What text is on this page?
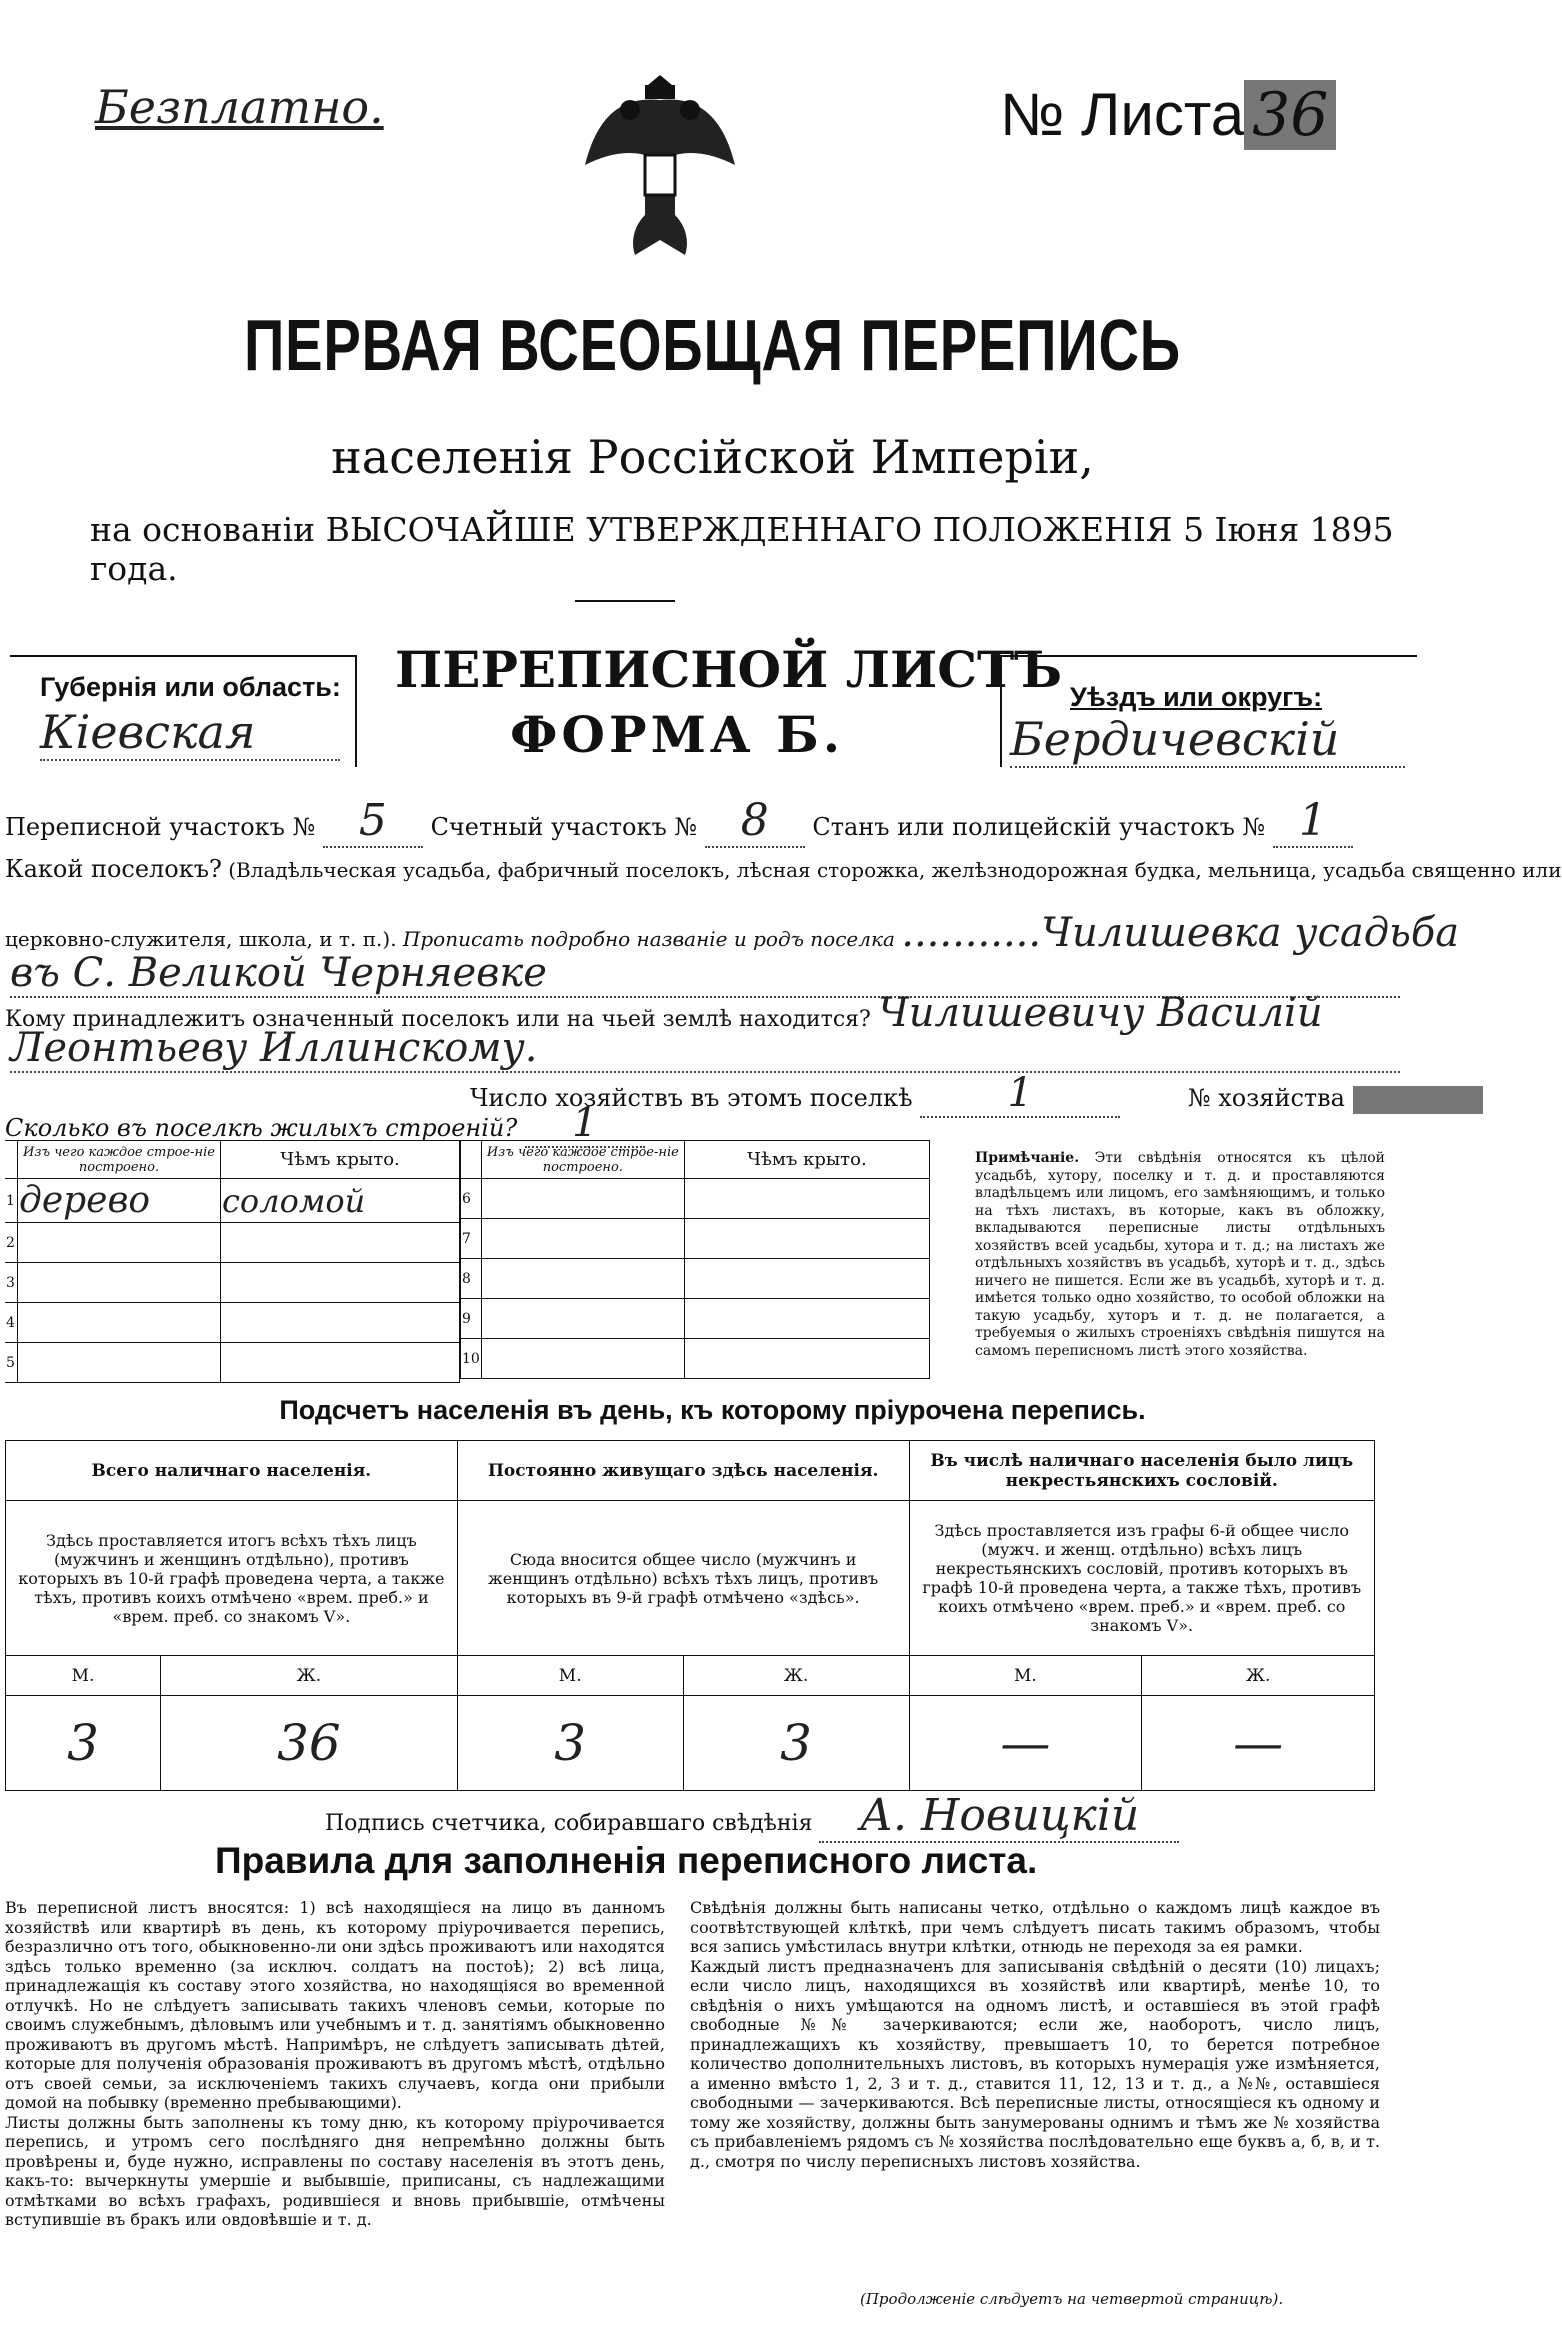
Безплатно.	№ Листа 36
ПЕРВАЯ ВСЕОБЩАЯ ПЕРЕПИСЬ
населенія Россійской Имперіи,
на основаніи ВЫСОЧАЙШЕ УТВЕРЖДЕННАГО ПОЛОЖЕНІЯ 5 Іюня 1895 года.
Губернія или область:
Кіевская
ПЕРЕПИСНОЙ ЛИСТЪ
ФОРМА Б.
Уѣздъ или округъ:
Бердичевскій
Переписной участокъ № 5 Счетный участокъ № 8 Станъ или полицейскій участокъ № 1
Какой поселокъ? (Владѣльческая усадьба, фабричный поселокъ, лѣсная сторожка, желѣзнодорожная будка, мельница, усадьба священно или
церковно-служителя, школа, и т. п.). Прописать подробно названіе и родъ поселка ...........Чилишевка усадьба
въ С. Великой Черняевке
Кому принадлежитъ означенный поселокъ или на чьей землѣ находится? Чилишевичу Василій
Леонтьеву Иллинскому.
Число хозяйствъ въ этомъ поселкѣ 1	№ хозяйства
Сколько въ поселкѣ жилыхъ строеній? 1
	Изъ чего каждое строе-ніе построено.	Чѣмъ крыто.
1	дерево	соломой
2		
3		
4		
5		
	Изъ чего каждое строе-ніе построено.	Чѣмъ крыто.
6		
7		
8		
9		
10		
Примѣчаніе. Эти свѣдѣнія относятся къ цѣлой усадьбѣ, хутору, поселку и т. д. и проставляются владѣльцемъ или лицомъ, его замѣняющимъ, и только на тѣхъ листахъ, въ которые, какъ въ обложку, вкладываются переписные листы отдѣльныхъ хозяйствъ всей усадьбы, хутора и т. д.; на листахъ же отдѣльныхъ хозяйствъ въ усадьбѣ, хуторѣ и т. д., здѣсь ничего не пишется. Если же въ усадьбѣ, хуторѣ и т. д. имѣется только одно хозяйство, то особой обложки на такую усадьбу, хуторъ и т. д. не полагается, а требуемыя о жилыхъ строеніяхъ свѣдѣнія пишутся на самомъ переписномъ листѣ этого хозяйства.
Подсчетъ населенія въ день, къ которому пріурочена перепись.
Всего наличнаго населенія.		Постоянно живущаго здѣсь населенія.		Въ числѣ наличнаго населенія было лицъ некрестьянскихъ сословій.	
Здѣсь проставляется итогъ всѣхъ тѣхъ лицъ (мужчинъ и женщинъ отдѣльно), противъ которыхъ въ 10-й графѣ проведена черта, а также тѣхъ, противъ коихъ отмѣчено «врем. преб.» и «врем. преб. со знакомъ V».		Сюда вносится общее число (мужчинъ и женщинъ отдѣльно) всѣхъ тѣхъ лицъ, противъ которыхъ въ 9-й графѣ отмѣчено «здѣсь».		Здѣсь проставляется изъ графы 6-й общее число (мужч. и женщ. отдѣльно) всѣхъ лицъ некрестьянскихъ сословій, противъ которыхъ въ графѣ 10-й проведена черта, а также тѣхъ, противъ коихъ отмѣчено «врем. преб.» и «врем. преб. со знакомъ V».	
М.	Ж.	М.	Ж.	М.	Ж.
3	36	3	3	—	—
Подпись счетчика, собиравшаго свѣдѣнія А. Новицкій
Правила для заполненія переписного листа.
Въ переписной листъ вносятся: 1) всѣ находящіеся на лицо въ данномъ хозяйствѣ или квартирѣ въ день, къ которому пріурочивается перепись, безразлично отъ того, обыкновенно-ли они здѣсь проживаютъ или находятся здѣсь только временно (за исключ. солдатъ на постоѣ); 2) всѣ лица, принадлежащія къ составу этого хозяйства, но находящіяся во временной отлучкѣ. Но не слѣдуетъ записывать такихъ членовъ семьи, которые по своимъ служебнымъ, дѣловымъ или учебнымъ и т. д. занятіямъ обыкновенно проживаютъ въ другомъ мѣстѣ. Напримѣръ, не слѣдуетъ записывать дѣтей, которые для полученія образованія проживаютъ въ другомъ мѣстѣ, отдѣльно отъ своей семьи, за исключеніемъ такихъ случаевъ, когда они прибыли домой на побывку (временно пребывающими).
Листы должны быть заполнены къ тому дню, къ которому пріурочивается перепись, и утромъ сего послѣдняго дня непремѣнно должны быть провѣрены и, буде нужно, исправлены по составу населенія въ этотъ день, какъ-то: вычеркнуты умершіе и выбывшіе, приписаны, съ надлежащими отмѣтками во всѣхъ графахъ, родившіеся и вновь прибывшіе, отмѣчены вступившіе въ бракъ или овдовѣвшіе и т. д.
Свѣдѣнія должны быть написаны четко, отдѣльно о каждомъ лицѣ каждое въ соотвѣтствующей клѣткѣ, при чемъ слѣдуетъ писать такимъ образомъ, чтобы вся запись умѣстилась внутри клѣтки, отнюдь не переходя за ея рамки.
Каждый листъ предназначенъ для записыванія свѣдѣній о десяти (10) лицахъ; если число лицъ, находящихся въ хозяйствѣ или квартирѣ, менѣе 10, то свѣдѣнія о нихъ умѣщаются на одномъ листѣ, и оставшіеся въ этой графѣ свободные №№ зачеркиваются; если же, наоборотъ, число лицъ, принадлежащихъ къ хозяйству, превышаетъ 10, то берется потребное количество дополнительныхъ листовъ, въ которыхъ нумерація уже измѣняется, а именно вмѣсто 1, 2, 3 и т. д., ставится 11, 12, 13 и т. д., а №№, оставшіеся свободными — зачеркиваются. Всѣ переписные листы, относящіеся къ одному и тому же хозяйству, должны быть занумерованы однимъ и тѣмъ же № хозяйства съ прибавленіемъ рядомъ съ № хозяйства послѣдовательно еще буквъ а, б, в, и т. д., смотря по числу переписныхъ листовъ хозяйства.
(Продолженіе слѣдуетъ на четвертой страницѣ).
